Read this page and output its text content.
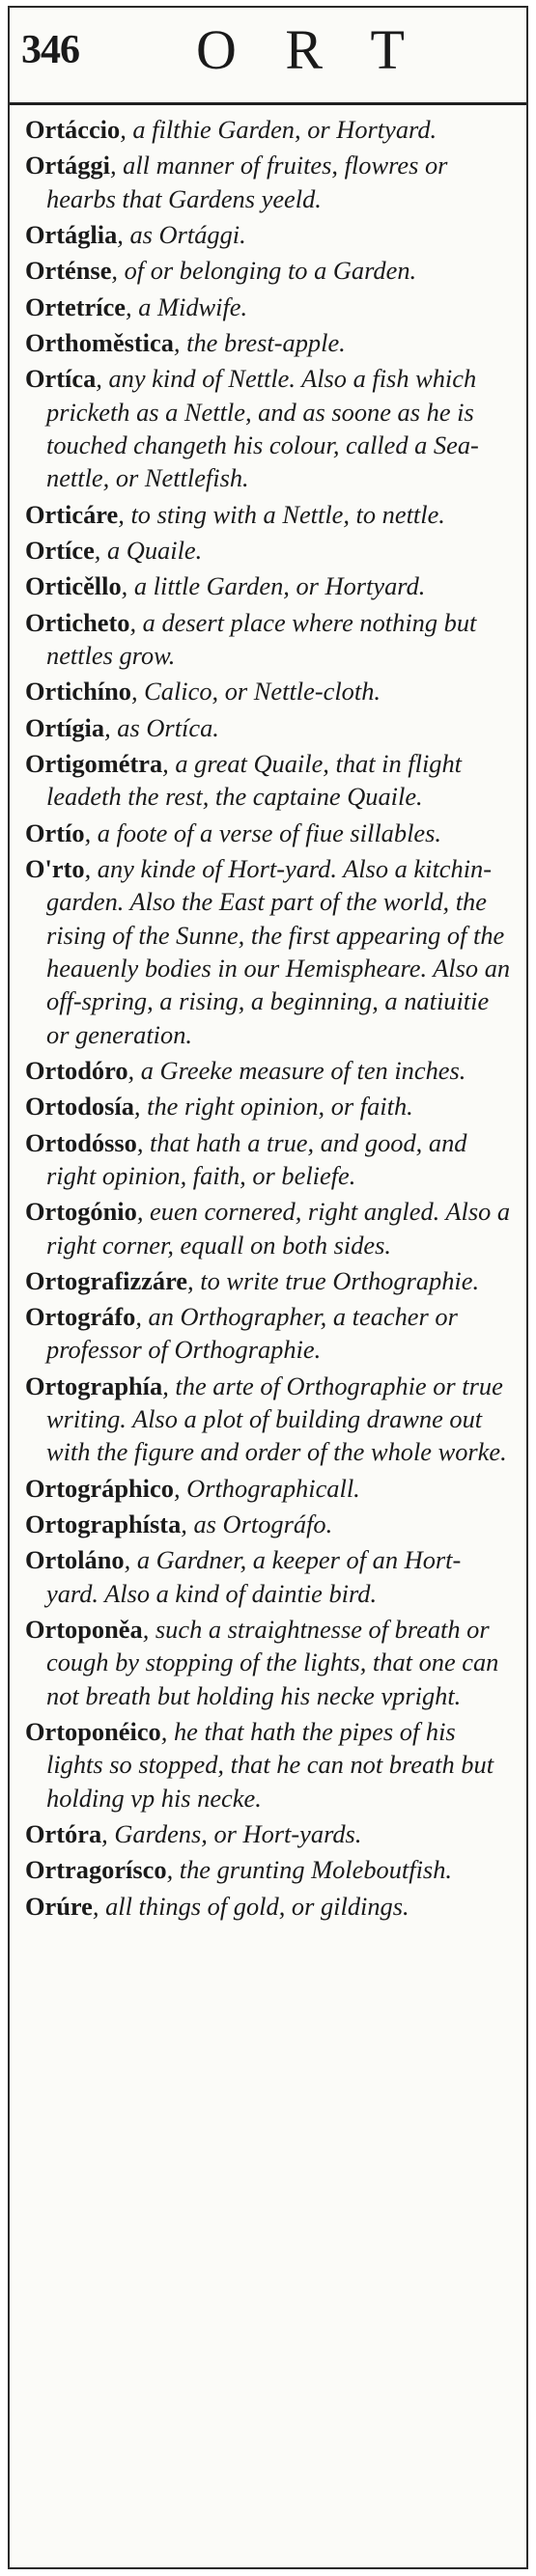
346	O R T

Ortáccio, a filthie Garden, or Hortyard.

Ortággi, all manner of fruites, flowres or hearbs that Gardens yeeld.

Ortáglia, as Ortággi.

Orténse, of or belonging to a Garden.

Ortetríce, a Midwife.

Orthoměstica, the brest-apple.

Ortíca, any kind of Nettle. Also a fish which pricketh as a Nettle, and as soone as he is touched changeth his colour, called a Sea-nettle, or Nettlefish.

Orticáre, to sting with a Nettle, to nettle.

Ortíce, a Quaile.

Orticěllo, a little Garden, or Hortyard.

Orticheto, a desert place where nothing but nettles grow.

Ortichíno, Calico, or Nettle-cloth.

Ortígia, as Ortíca.

Ortigométra, a great Quaile, that in flight leadeth the rest, the captaine Quaile.

Ortío, a foote of a verse of fiue sillables.

O'rto, any kinde of Hort-yard. Also a kitchin-garden. Also the East part of the world, the rising of the Sunne, the first appearing of the heauenly bodies in our Hemispheare. Also an off-spring, a rising, a beginning, a natiuitie or generation.

Ortodóro, a Greeke measure of ten inches.

Ortodosía, the right opinion, or faith.

Ortodósso, that hath a true, and good, and right opinion, faith, or beliefe.

Ortogónio, euen cornered, right angled. Also a right corner, equall on both sides.

Ortografizzáre, to write true Orthographie.

Ortográfo, an Orthographer, a teacher or professor of Orthographie.

Ortographía, the arte of Orthographie or true writing. Also a plot of building drawne out with the figure and order of the whole worke.

Ortográphico, Orthographicall.

Ortographísta, as Ortográfo.

Ortoláno, a Gardner, a keeper of an Hort-yard. Also a kind of daintie bird.

Ortoponěa, such a straightnesse of breath or cough by stopping of the lights, that one can not breath but holding his necke vpright.

Ortoponéico, he that hath the pipes of his lights so stopped, that he can not breath but holding vp his necke.

Ortóra, Gardens, or Hort-yards.

Ortragorísco, the grunting Moleboutfish.

Orúre, all things of gold, or gildings.
